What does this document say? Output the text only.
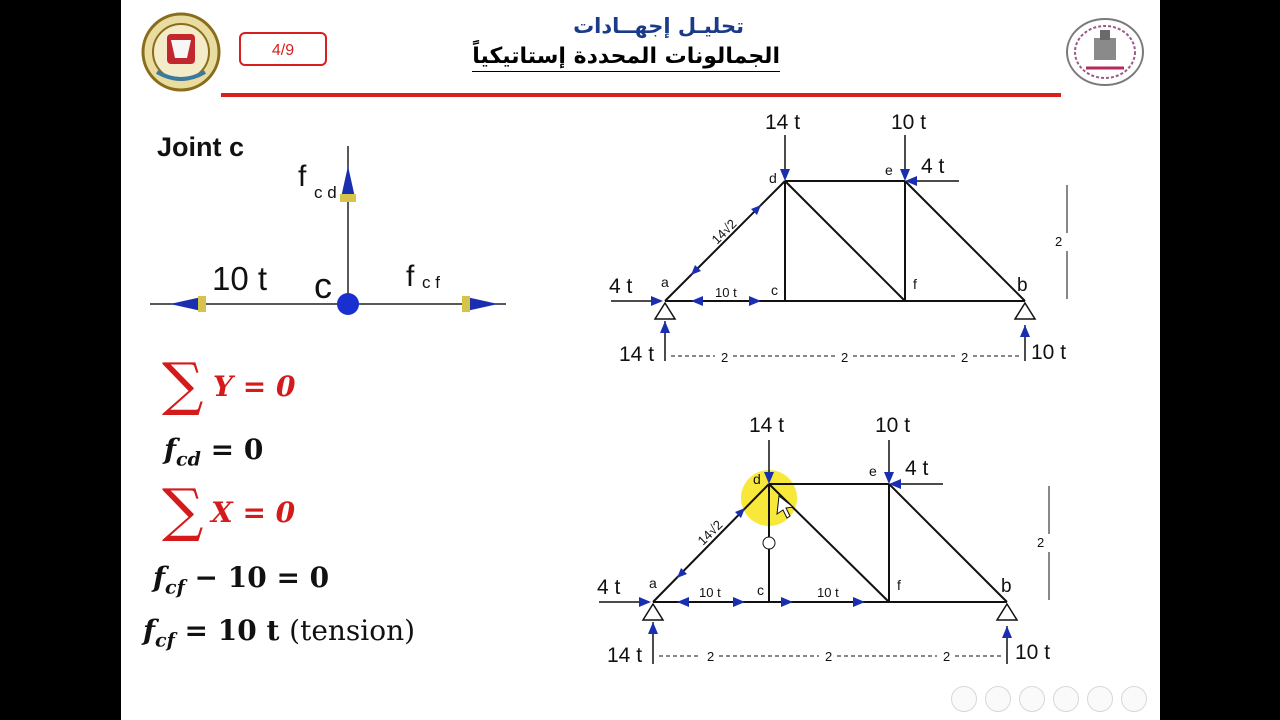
4/9
تحليـل إجهــادات
الجمالونات المحددة إستاتيكياً
Joint c
f c d
10 t	f c f
c
∑ Y = 0
$f_{cd} = 0$
∑ X = 0
$f_{cf} - 10 = 0$
$f_{cf} = 10$ t (tension)
14 t	10 t
4 t
4 t
14 t	10 t
d	e
a	b
c	f
10 t
14√2
2	2	2
2
14 t	10 t
4 t
4 t
14 t	10 t
d	e
a	b
c	f
10 t	10 t
14√2
2	2	2
2
